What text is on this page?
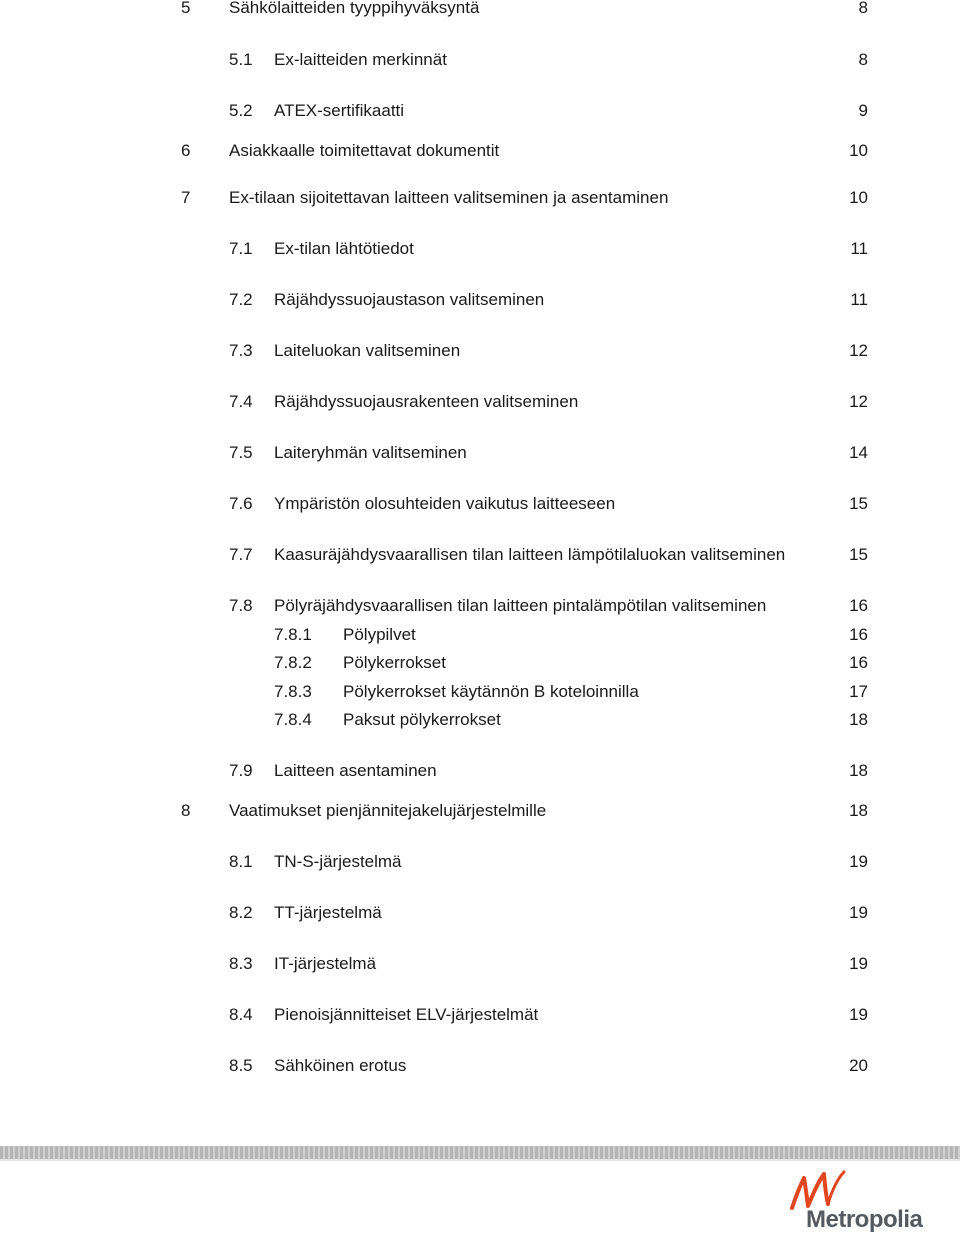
5 Sähkölaitteiden tyyppihyväksyntä	8
5.1 Ex-laitteiden merkinnät	8
5.2 ATEX-sertifikaatti	9
6 Asiakkaalle toimitettavat dokumentit	10
7 Ex-tilaan sijoitettavan laitteen valitseminen ja asentaminen	10
7.1 Ex-tilan lähtötiedot	11
7.2 Räjähdyssuojaustason valitseminen	11
7.3 Laiteluokan valitseminen	12
7.4 Räjähdyssuojausrakenteen valitseminen	12
7.5 Laiteryhmän valitseminen	14
7.6 Ympäristön olosuhteiden vaikutus laitteeseen	15
7.7 Kaasuräjähdysvaarallisen tilan laitteen lämpötilaluokan valitseminen	15
7.8 Pölyräjähdysvaarallisen tilan laitteen pintalämpötilan valitseminen	16
7.8.1 Pölypilvet	16
7.8.2 Pölykerrokset	16
7.8.3 Pölykerrokset käytännön B koteloinnilla	17
7.8.4 Paksut pölykerrokset	18
7.9 Laitteen asentaminen	18
8 Vaatimukset pienjännitejakelujärjestelmille	18
8.1 TN-S-järjestelmä	19
8.2 TT-järjestelmä	19
8.3 IT-järjestelmä	19
8.4 Pienoisjännitteiset ELV-järjestelmät	19
8.5 Sähköinen erotus	20
Metropolia
